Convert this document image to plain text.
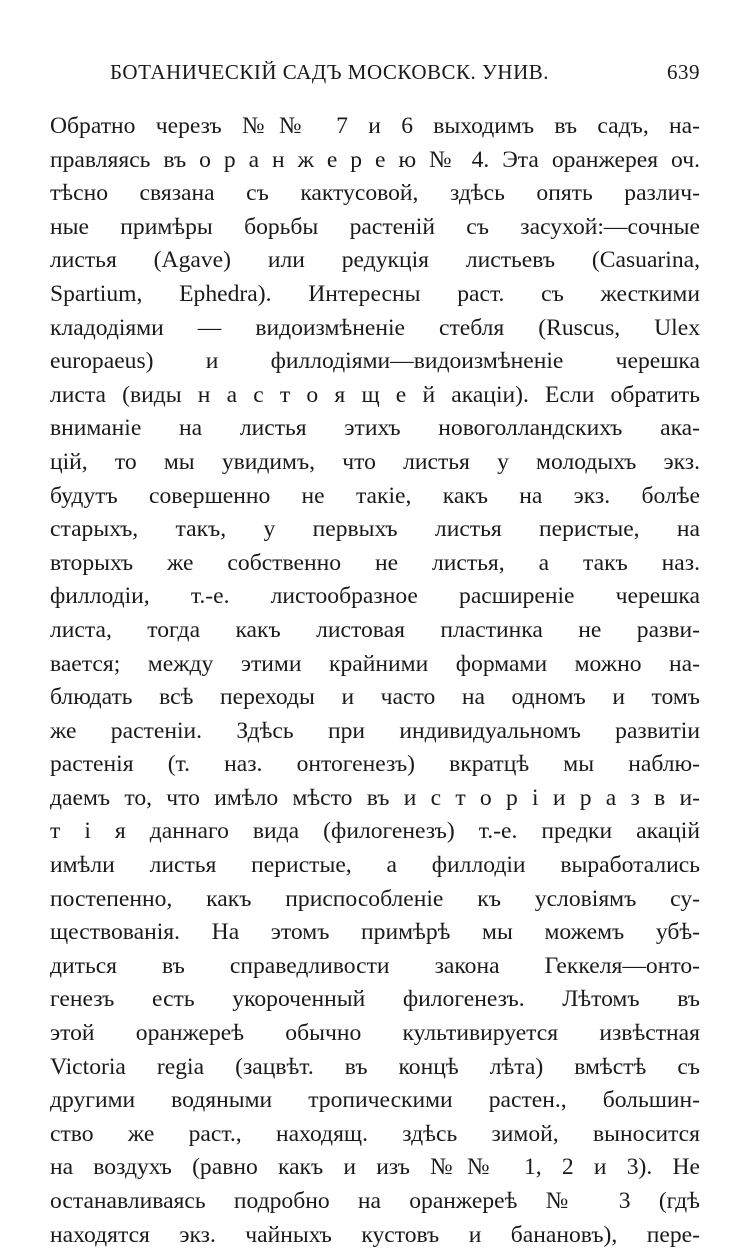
БОТАНИЧЕСКІЙ САДЪ МОСКОВСК. УНИВ.	639
Обратно черезъ №№ 7 и 6 выходимъ въ садъ, на-
правляясь въ о р а н ж е р е ю № 4. Эта оранжерея оч.
тѣсно связана съ кактусовой, здѣсь опять различ-
ные примѣры борьбы растеній съ засухой:—сочные
листья (Agave) или редукція листьевъ (Casuarina,
Spartium, Ephedra). Интересны раст. съ жесткими
кладодіями — видоизмѣненіе стебля (Ruscus, Ulex
europaeus) и филлодіями—видоизмѣненіе черешка
листа (виды н а с т о я щ е й акаціи). Если обратить
вниманіе на листья этихъ новоголландскихъ ака-
цій, то мы увидимъ, что листья у молодыхъ экз.
будутъ совершенно не такіе, какъ на экз. болѣе
старыхъ, такъ, у первыхъ листья перистые, на
вторыхъ же собственно не листья, а такъ наз.
филлодіи, т.-е. листообразное расширеніе черешка
листа, тогда какъ листовая пластинка не разви-
вается; между этими крайними формами можно на-
блюдать всѣ переходы и часто на одномъ и томъ
же растеніи. Здѣсь при индивидуальномъ развитіи
растенія (т. наз. онтогенезъ) вкратцѣ мы наблю-
даемъ то, что имѣло мѣсто въ и с т о р і и р а з в и-
т і я даннаго вида (филогенезъ) т.-е. предки акацій
имѣли листья перистые, а филлодіи выработались
постепенно, какъ приспособленіе къ условіямъ су-
ществованія. На этомъ примѣрѣ мы можемъ убѣ-
диться въ справедливости закона Геккеля—онто-
генезъ есть укороченный филогенезъ. Лѣтомъ въ
этой оранжереѣ обычно культивируется извѣстная
Victoria regia (зацвѣт. въ концѣ лѣта) вмѣстѣ съ
другими водяными тропическими растен., большин-
ство же раст., находящ. здѣсь зимой, выносится
на воздухъ (равно какъ и изъ №№ 1, 2 и 3). Не
останавливаясь подробно на оранжереѣ № 3 (гдѣ
находятся экз. чайныхъ кустовъ и банановъ), пере-
